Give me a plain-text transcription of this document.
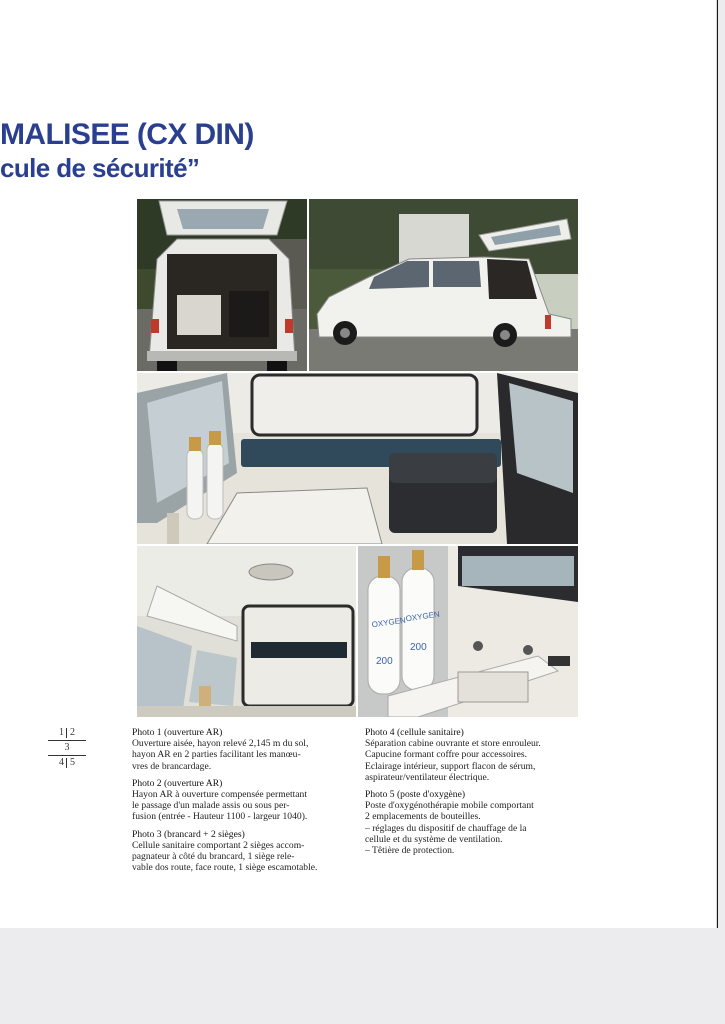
MALISEE (CX DIN)
cule de sécurité”
OXYGEN
OXYGEN
200
200
1 2
3
4 5
Photo 1 (ouverture AR)
Ouverture aisée, hayon relevé 2,145 m du sol,
hayon AR en 2 parties facilitant les manœu-
vres de brancardage.
Photo 2 (ouverture AR)
Hayon AR à ouverture compensée permettant
le passage d'un malade assis ou sous per-
fusion (entrée - Hauteur 1100 - largeur 1040).
Photo 3 (brancard + 2 sièges)
Cellule sanitaire comportant 2 sièges accom-
pagnateur à côté du brancard, 1 siège rele-
vable dos route, face route, 1 siège escamotable.
Photo 4 (cellule sanitaire)
Séparation cabine ouvrante et store enrouleur.
Capucine formant coffre pour accessoires.
Eclairage intérieur, support flacon de sérum,
aspirateur/ventilateur électrique.
Photo 5 (poste d'oxygène)
Poste d'oxygénothérapie mobile comportant
2 emplacements de bouteilles.
– réglages du dispositif de chauffage de la
cellule et du système de ventilation.
– Têtière de protection.
